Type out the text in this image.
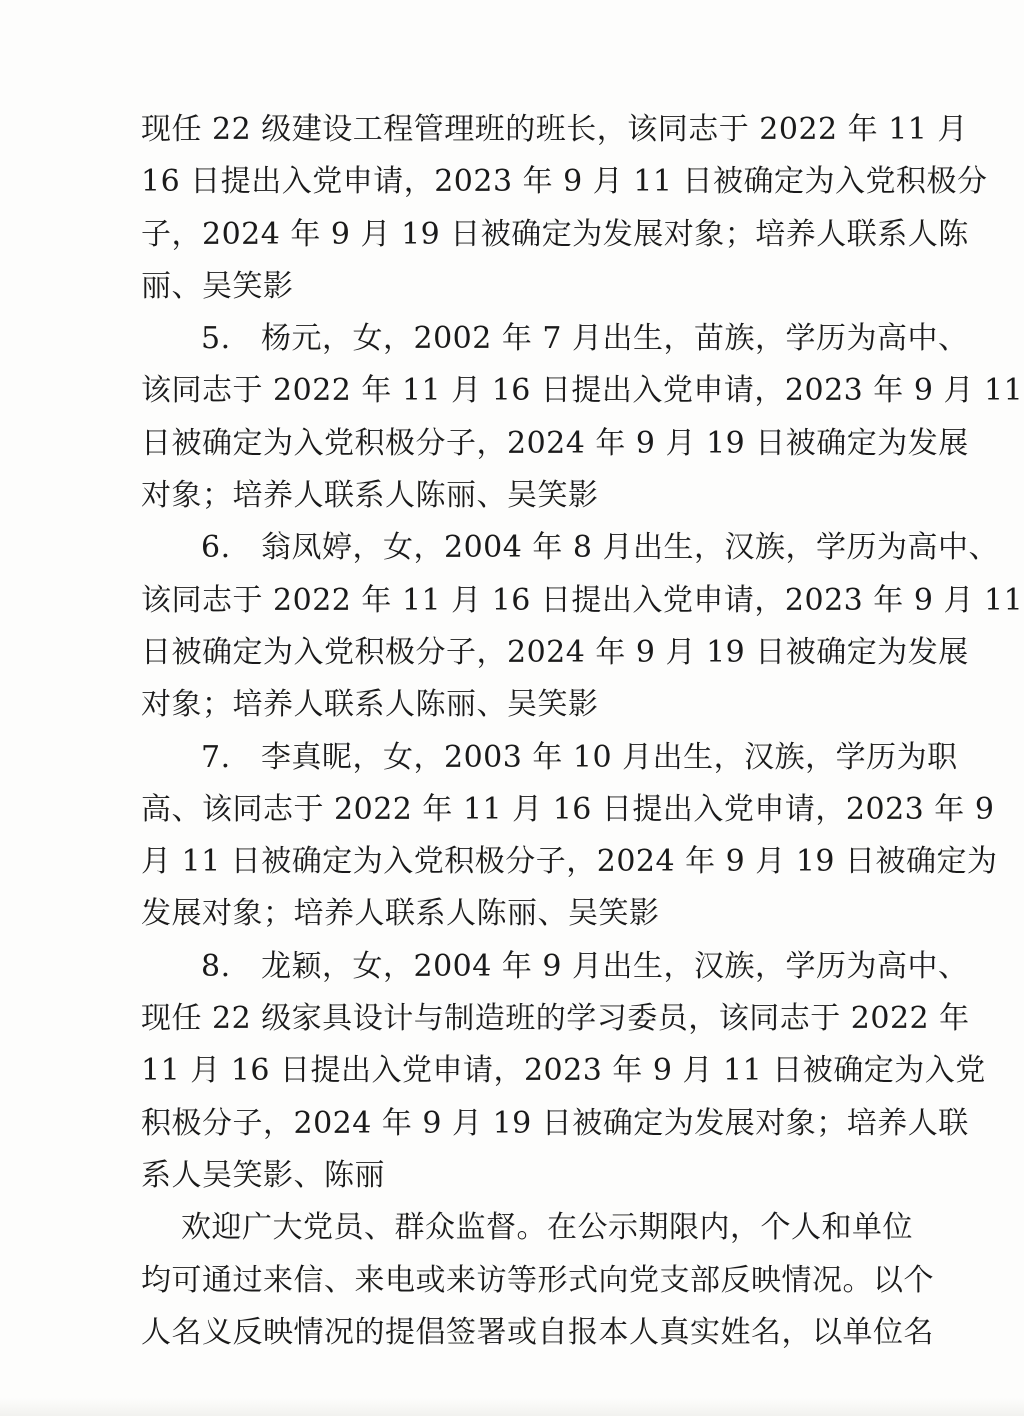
现任 22 级建设工程管理班的班长，该同志于 2022 年 11 月
16 日提出入党申请，2023 年 9 月 11 日被确定为入党积极分
子，2024 年 9 月 19 日被确定为发展对象；培养人联系人陈
丽、吴笑影

5. 杨元，女，2002 年 7 月出生，苗族，学历为高中、
该同志于 2022 年 11 月 16 日提出入党申请，2023 年 9 月 11
日被确定为入党积极分子，2024 年 9 月 19 日被确定为发展
对象；培养人联系人陈丽、吴笑影

6. 翁凤婷，女，2004 年 8 月出生，汉族，学历为高中、
该同志于 2022 年 11 月 16 日提出入党申请，2023 年 9 月 11
日被确定为入党积极分子，2024 年 9 月 19 日被确定为发展
对象；培养人联系人陈丽、吴笑影

7. 李真昵，女，2003 年 10 月出生，汉族，学历为职
高、该同志于 2022 年 11 月 16 日提出入党申请，2023 年 9
月 11 日被确定为入党积极分子，2024 年 9 月 19 日被确定为
发展对象；培养人联系人陈丽、吴笑影

8. 龙颖，女，2004 年 9 月出生，汉族，学历为高中、
现任 22 级家具设计与制造班的学习委员，该同志于 2022 年
11 月 16 日提出入党申请，2023 年 9 月 11 日被确定为入党
积极分子，2024 年 9 月 19 日被确定为发展对象；培养人联
系人吴笑影、陈丽

欢迎广大党员、群众监督。在公示期限内，个人和单位
均可通过来信、来电或来访等形式向党支部反映情况。以个
人名义反映情况的提倡签署或自报本人真实姓名，以单位名
